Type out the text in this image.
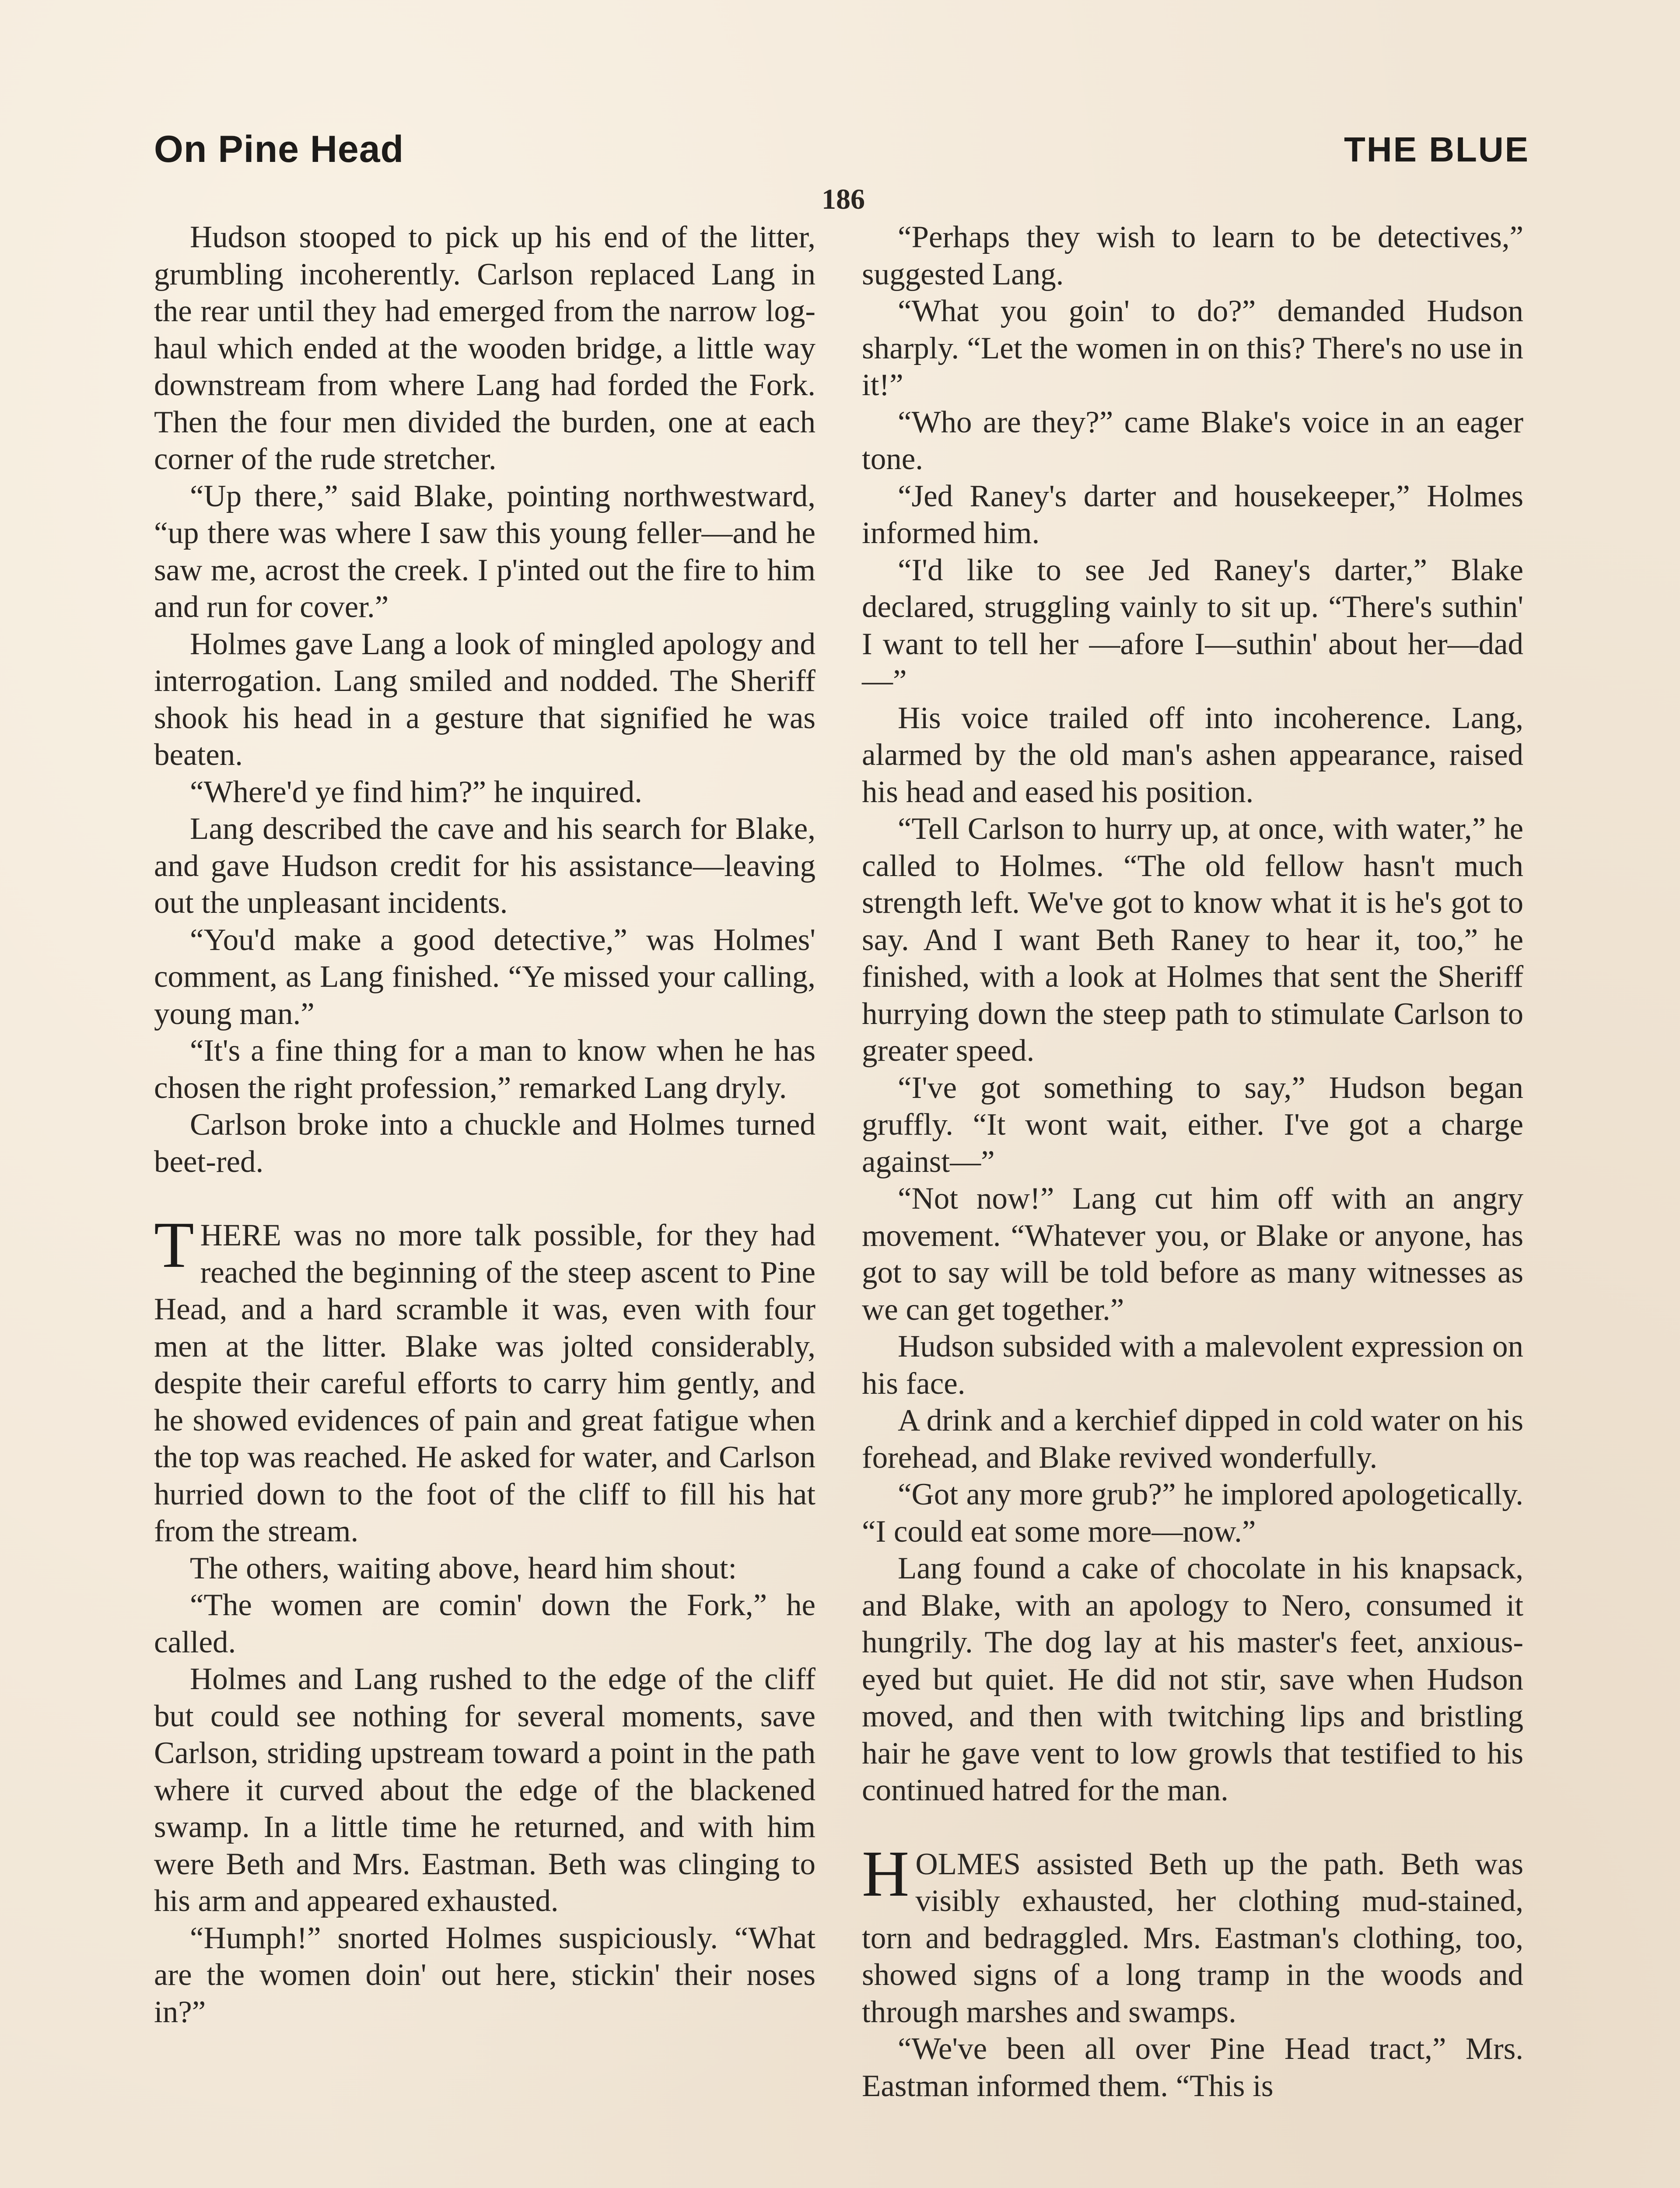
On Pine Head	THE BLUE
186

Hudson stooped to pick up his end of the litter, grumbling incoherently. Carlson replaced Lang in the rear until they had emerged from the narrow log-haul which ended at the wooden bridge, a little way downstream from where Lang had forded the Fork. Then the four men divided the burden, one at each corner of the rude stretcher.

“Up there,” said Blake, pointing northwestward, “up there was where I saw this young feller—and he saw me, acrost the creek. I p'inted out the fire to him and run for cover.”

Holmes gave Lang a look of mingled apology and interrogation. Lang smiled and nodded. The Sheriff shook his head in a gesture that signified he was beaten.

“Where'd ye find him?” he inquired.

Lang described the cave and his search for Blake, and gave Hudson credit for his assistance—leaving out the unpleasant incidents.

“You'd make a good detective,” was Holmes' comment, as Lang finished. “Ye missed your calling, young man.”

“It's a fine thing for a man to know when he has chosen the right profession,” remarked Lang dryly.

Carlson broke into a chuckle and Holmes turned beet-red.

THERE was no more talk possible, for they had reached the beginning of the steep ascent to Pine Head, and a hard scramble it was, even with four men at the litter. Blake was jolted considerably, despite their careful efforts to carry him gently, and he showed evidences of pain and great fatigue when the top was reached. He asked for water, and Carlson hurried down to the foot of the cliff to fill his hat from the stream.

The others, waiting above, heard him shout:

“The women are comin' down the Fork,” he called.

Holmes and Lang rushed to the edge of the cliff but could see nothing for several moments, save Carlson, striding upstream toward a point in the path where it curved about the edge of the blackened swamp. In a little time he returned, and with him were Beth and Mrs. Eastman. Beth was clinging to his arm and appeared exhausted.

“Humph!” snorted Holmes suspiciously. “What are the women doin' out here, stickin' their noses in?”

“Perhaps they wish to learn to be detectives,” suggested Lang.

“What you goin' to do?” demanded Hudson sharply. “Let the women in on this? There's no use in it!”

“Who are they?” came Blake's voice in an eager tone.

“Jed Raney's darter and housekeeper,” Holmes informed him.

“I'd like to see Jed Raney's darter,” Blake declared, struggling vainly to sit up. “There's suthin' I want to tell her —afore I—suthin' about her—dad—”

His voice trailed off into incoherence. Lang, alarmed by the old man's ashen appearance, raised his head and eased his position.

“Tell Carlson to hurry up, at once, with water,” he called to Holmes. “The old fellow hasn't much strength left. We've got to know what it is he's got to say. And I want Beth Raney to hear it, too,” he finished, with a look at Holmes that sent the Sheriff hurrying down the steep path to stimulate Carlson to greater speed.

“I've got something to say,” Hudson began gruffly. “It wont wait, either. I've got a charge against—”

“Not now!” Lang cut him off with an angry movement. “Whatever you, or Blake or anyone, has got to say will be told before as many witnesses as we can get together.”

Hudson subsided with a malevolent expression on his face.

A drink and a kerchief dipped in cold water on his forehead, and Blake revived wonderfully.

“Got any more grub?” he implored apologetically. “I could eat some more—now.”

Lang found a cake of chocolate in his knapsack, and Blake, with an apology to Nero, consumed it hungrily. The dog lay at his master's feet, anxious-eyed but quiet. He did not stir, save when Hudson moved, and then with twitching lips and bristling hair he gave vent to low growls that testified to his continued hatred for the man.

HOLMES assisted Beth up the path. Beth was visibly exhausted, her clothing mud-stained, torn and bedraggled. Mrs. Eastman's clothing, too, showed signs of a long tramp in the woods and through marshes and swamps.

“We've been all over Pine Head tract,” Mrs. Eastman informed them. “This is
